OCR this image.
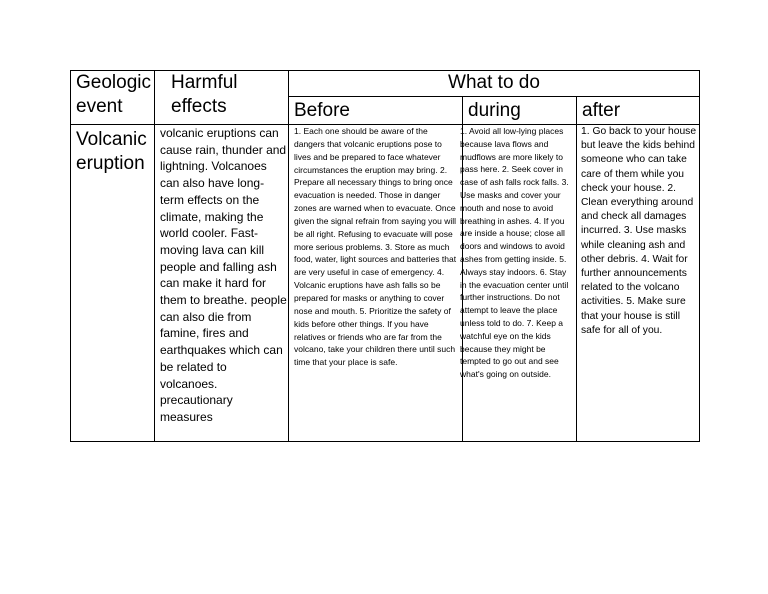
Geologic event
Harmful effects
What to do
Before	during	after
Volcanic eruption
volcanic eruptions can cause rain, thunder and lightning. Volcanoes can also have long-term effects on the climate, making the world cooler. Fast-moving lava can kill people and falling ash can make it hard for them to breathe. people can also die from famine, fires and earthquakes which can be related to volcanoes. precautionary measures
1. Each one should be aware of the dangers that volcanic eruptions pose to lives and be prepared to face whatever circumstances the eruption may bring. 2. Prepare all necessary things to bring once evacuation is needed. Those in danger zones are warned when to evacuate. Once given the signal refrain from saying you will be all right. Refusing to evacuate will pose more serious problems. 3. Store as much food, water, light sources and batteries that are very useful in case of emergency. 4. Volcanic eruptions have ash falls so be prepared for masks or anything to cover nose and mouth. 5. Prioritize the safety of kids before other things. If you have relatives or friends who are far from the volcano, take your children there until such time that your place is safe.
1. Avoid all low-lying places because lava flows and mudflows are more likely to pass here. 2. Seek cover in case of ash falls rock falls. 3. Use masks and cover your mouth and nose to avoid breathing in ashes. 4. If you are inside a house; close all doors and windows to avoid ashes from getting inside. 5. Always stay indoors. 6. Stay in the evacuation center until further instructions. Do not attempt to leave the place unless told to do. 7. Keep a watchful eye on the kids because they might be tempted to go out and see what's going on outside.
1. Go back to your house but leave the kids behind someone who can take care of them while you check your house. 2. Clean everything around and check all damages incurred. 3. Use masks while cleaning ash and other debris. 4. Wait for further announcements related to the volcano activities. 5. Make sure that your house is still safe for all of you.
